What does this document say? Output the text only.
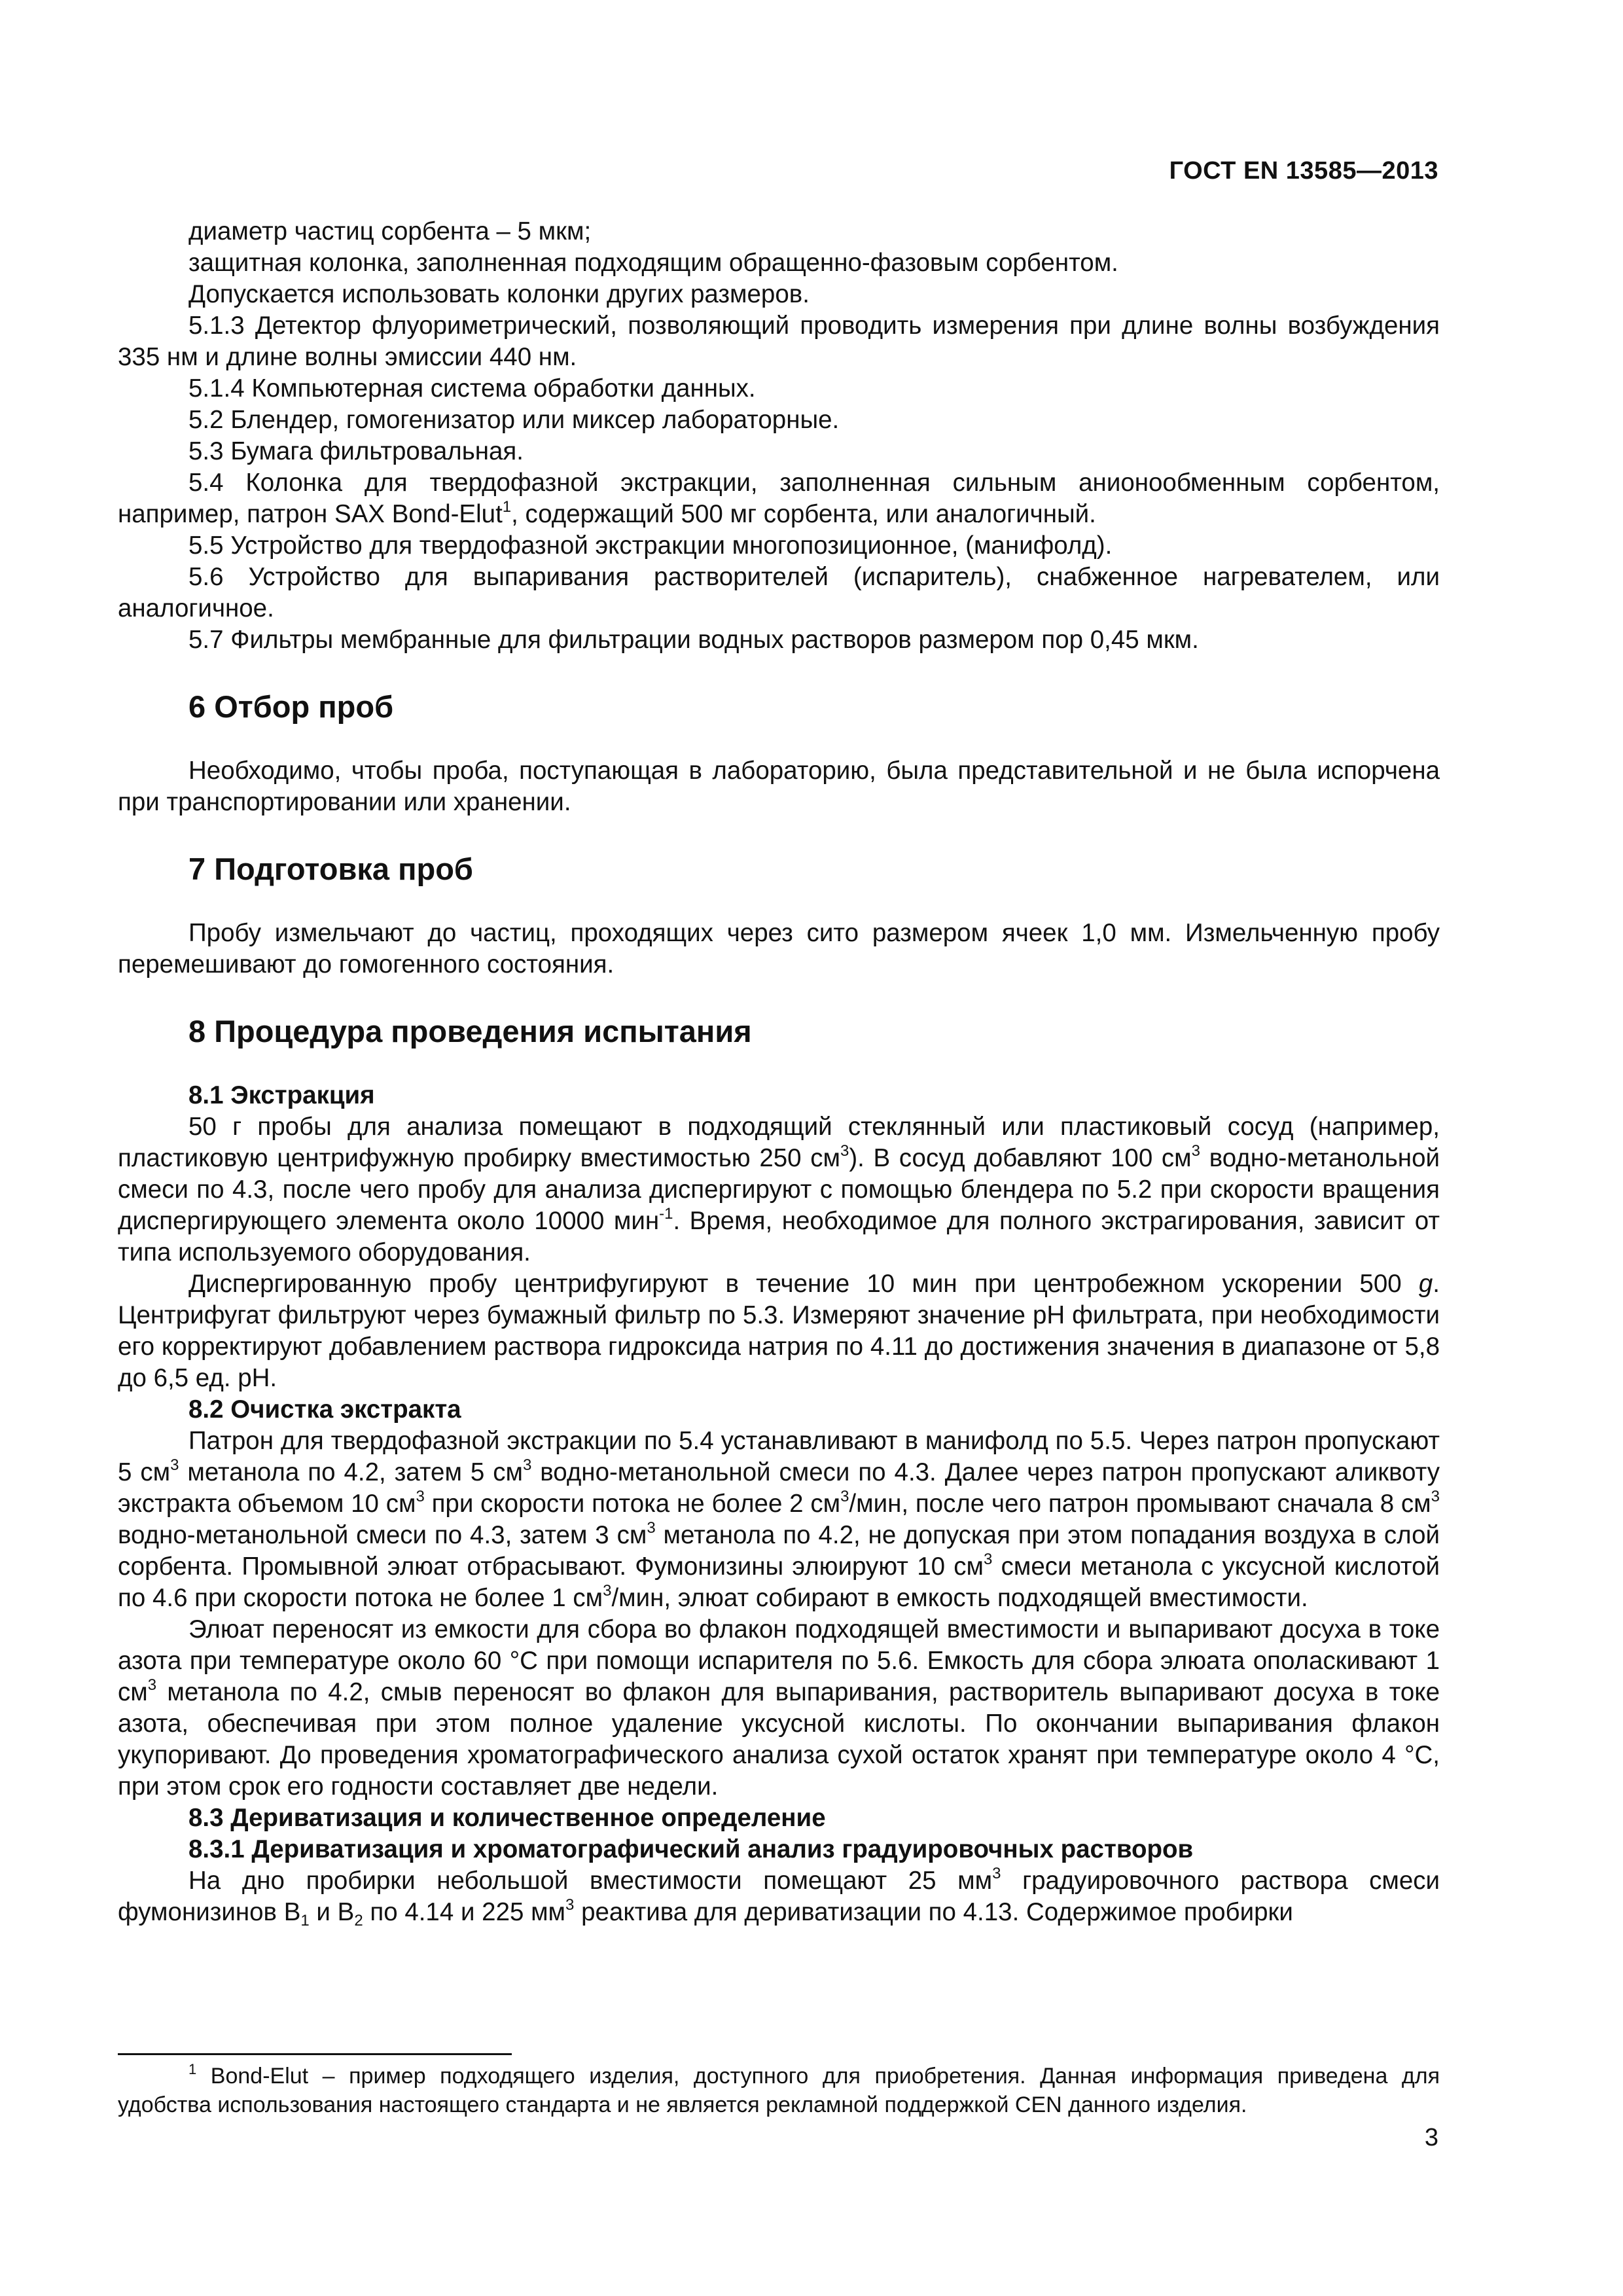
ГОСТ EN 13585—2013
диаметр частиц сорбента – 5 мкм;
защитная колонка, заполненная подходящим обращенно-фазовым сорбентом.
Допускается использовать колонки других размеров.
5.1.3 Детектор флуориметрический, позволяющий проводить измерения при длине волны возбуждения 335 нм и длине волны эмиссии 440 нм.
5.1.4 Компьютерная система обработки данных.
5.2 Блендер, гомогенизатор или миксер лабораторные.
5.3 Бумага фильтровальная.
5.4 Колонка для твердофазной экстракции, заполненная сильным анионообменным сорбентом, например, патрон SAX Bond-Elut$^1$, содержащий 500 мг сорбента, или аналогичный.
5.5 Устройство для твердофазной экстракции многопозиционное, (манифолд).
5.6 Устройство для выпаривания растворителей (испаритель), снабженное нагревателем, или аналогичное.
5.7 Фильтры мембранные для фильтрации водных растворов размером пор 0,45 мкм.
6 Отбор проб
Необходимо, чтобы проба, поступающая в лабораторию, была представительной и не была испорчена при транспортировании или хранении.
7 Подготовка проб
Пробу измельчают до частиц, проходящих через сито размером ячеек 1,0 мм. Измельченную пробу перемешивают до гомогенного состояния.
8 Процедура проведения испытания
8.1 Экстракция
50 г пробы для анализа помещают в подходящий стеклянный или пластиковый сосуд (например, пластиковую центрифужную пробирку вместимостью 250 $см^3$). В сосуд добавляют 100 $см^3$ водно-метанольной смеси по 4.3, после чего пробу для анализа диспергируют с помощью блендера по 5.2 при скорости вращения диспергирующего элемента около 10000 мин$^{-1}$. Время, необходимое для полного экстрагирования, зависит от типа используемого оборудования.
Диспергированную пробу центрифугируют в течение 10 мин при центробежном ускорении 500 g. Центрифугат фильтруют через бумажный фильтр по 5.3. Измеряют значение pH фильтрата, при необходимости его корректируют добавлением раствора гидроксида натрия по 4.11 до достижения значения в диапазоне от 5,8 до 6,5 ед. pH.
8.2 Очистка экстракта
Патрон для твердофазной экстракции по 5.4 устанавливают в манифолд по 5.5. Через патрон пропускают 5 $см^3$ метанола по 4.2, затем 5 $см^3$ водно-метанольной смеси по 4.3. Далее через патрон пропускают аликвоту экстракта объемом 10 $см^3$ при скорости потока не более 2 $см^3$/мин, после чего патрон промывают сначала 8 $см^3$ водно-метанольной смеси по 4.3, затем 3 $см^3$ метанола по 4.2, не допуская при этом попадания воздуха в слой сорбента. Промывной элюат отбрасывают. Фумонизины элюируют 10 $см^3$ смеси метанола с уксусной кислотой по 4.6 при скорости потока не более 1 $см^3$/мин, элюат собирают в емкость подходящей вместимости.
Элюат переносят из емкости для сбора во флакон подходящей вместимости и выпаривают досуха в токе азота при температуре около 60 °С при помощи испарителя по 5.6. Емкость для сбора элюата ополаскивают 1 $см^3$ метанола по 4.2, смыв переносят во флакон для выпаривания, растворитель выпаривают досуха в токе азота, обеспечивая при этом полное удаление уксусной кислоты. По окончании выпаривания флакон укупоривают. До проведения хроматографического анализа сухой остаток хранят при температуре около 4 °С, при этом срок его годности составляет две недели.
8.3 Дериватизация и количественное определение
8.3.1 Дериватизация и хроматографический анализ градуировочных растворов
На дно пробирки небольшой вместимости помещают 25 $мм^3$ градуировочного раствора смеси фумонизинов $B_1$ и $B_2$ по 4.14 и 225 $мм^3$ реактива для дериватизации по 4.13. Содержимое пробирки
$^1$ Bond-Elut – пример подходящего изделия, доступного для приобретения. Данная информация приведена для удобства использования настоящего стандарта и не является рекламной поддержкой CEN данного изделия.
3
